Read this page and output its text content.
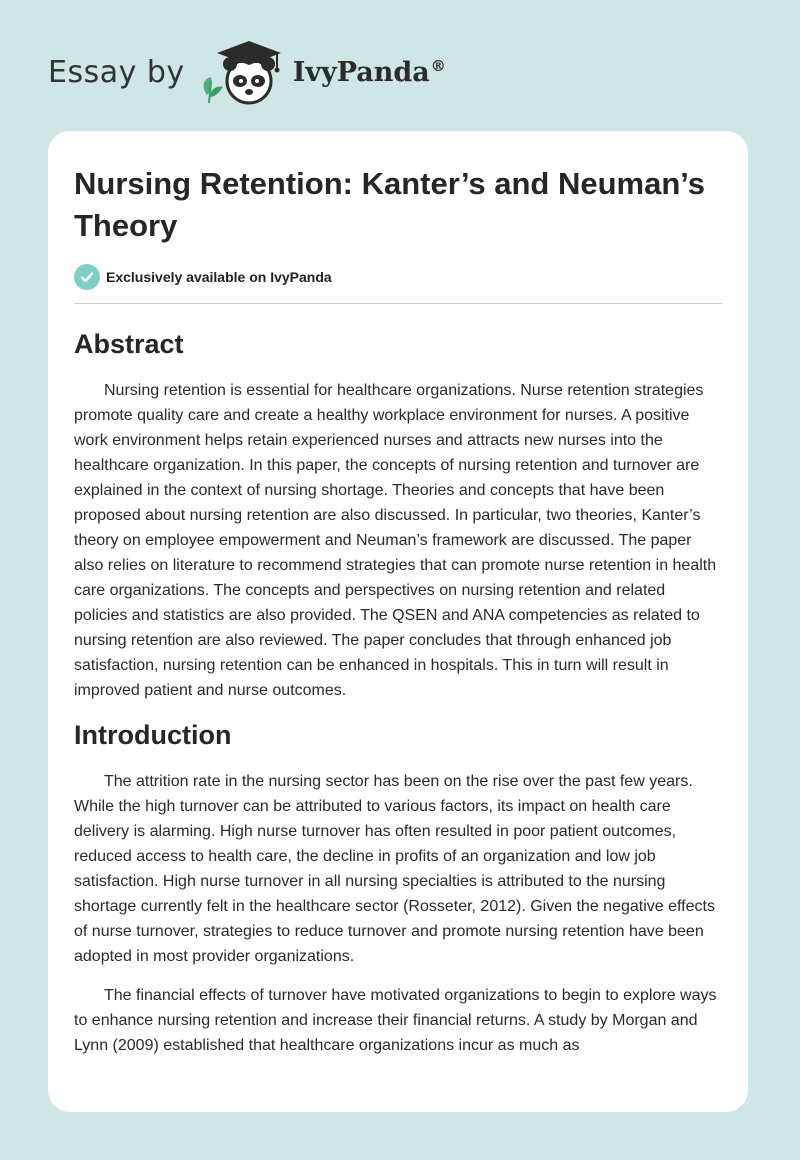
Essay by	IvyPanda®
Nursing Retention: Kanter’s and Neuman’s Theory
Exclusively available on IvyPanda
Abstract

Nursing retention is essential for healthcare organizations. Nurse retention strategies promote quality care and create a healthy workplace environment for nurses. A positive work environment helps retain experienced nurses and attracts new nurses into the healthcare organization. In this paper, the concepts of nursing retention and turnover are explained in the context of nursing shortage. Theories and concepts that have been proposed about nursing retention are also discussed. In particular, two theories, Kanter’s theory on employee empowerment and Neuman’s framework are discussed. The paper also relies on literature to recommend strategies that can promote nurse retention in health care organizations. The concepts and perspectives on nursing retention and related policies and statistics are also provided. The QSEN and ANA competencies as related to nursing retention are also reviewed. The paper concludes that through enhanced job satisfaction, nursing retention can be enhanced in hospitals. This in turn will result in improved patient and nurse outcomes.

Introduction

The attrition rate in the nursing sector has been on the rise over the past few years. While the high turnover can be attributed to various factors, its impact on health care delivery is alarming. High nurse turnover has often resulted in poor patient outcomes, reduced access to health care, the decline in profits of an organization and low job satisfaction. High nurse turnover in all nursing specialties is attributed to the nursing shortage currently felt in the healthcare sector (Rosseter, 2012). Given the negative effects of nurse turnover, strategies to reduce turnover and promote nursing retention have been adopted in most provider organizations.

The financial effects of turnover have motivated organizations to begin to explore ways to enhance nursing retention and increase their financial returns. A study by Morgan and Lynn (2009) established that healthcare organizations incur as much as
